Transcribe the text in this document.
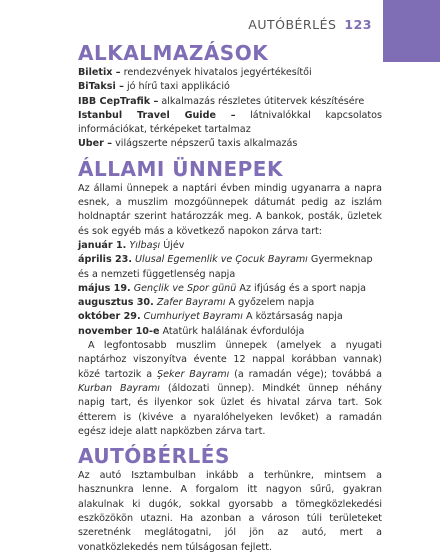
AUTÓBÉRLÉS 123
ALKALMAZÁSOK

Biletix – rendezvények hivatalos jegyértékesítői

BiTaksi – jó hírű taxi applikáció

IBB CepTrafik – alkalmazás részletes útitervek készítésére

Istanbul Travel Guide – látnivalókkal kapcsolatos információkat, térképeket tartalmaz

Uber – világszerte népszerű taxis alkalmazás

ÁLLAMI ÜNNEPEK

Az állami ünnepek a naptári évben mindig ugyanarra a napra esnek, a muszlim mozgóünnepek dátumát pedig az iszlám holdnaptár szerint határozzák meg. A bankok, posták, üzletek és sok egyéb más a következő napokon zárva tart:

január 1. Yılbaşı Újév

április 23. Ulusal Egemenlik ve Çocuk Bayramı Gyermeknap és a nemzeti függetlenség napja

május 19. Gençlik ve Spor günü Az ifjúság és a sport napja

augusztus 30. Zafer Bayramı A győzelem napja

október 29. Cumhuriyet Bayramı A köztársaság napja

november 10-e Atatürk halálának évfordulója

A legfontosabb muszlim ünnepek (amelyek a nyugati naptárhoz viszonyítva évente 12 nappal korábban vannak) közé tartozik a Şeker Bayramı (a ramadán vége); továbbá a Kurban Bayramı (áldozati ünnep). Mindkét ünnep néhány napig tart, és ilyenkor sok üzlet és hivatal zárva tart. Sok étterem is (kivéve a nyaralóhelyeken levőket) a ramadán egész ideje alatt napközben zárva tart.

AUTÓBÉRLÉS

Az autó Isztambulban inkább a terhünkre, mintsem a hasznunkra lenne. A forgalom itt nagyon sűrű, gyakran alakulnak ki dugók, sokkal gyorsabb a tömegközlekedési eszközökön utazni. Ha azonban a városon túli területeket szeretnénk meglátogatni, jól jön az autó, mert a vonatközlekedés nem túlságosan fejlett.
